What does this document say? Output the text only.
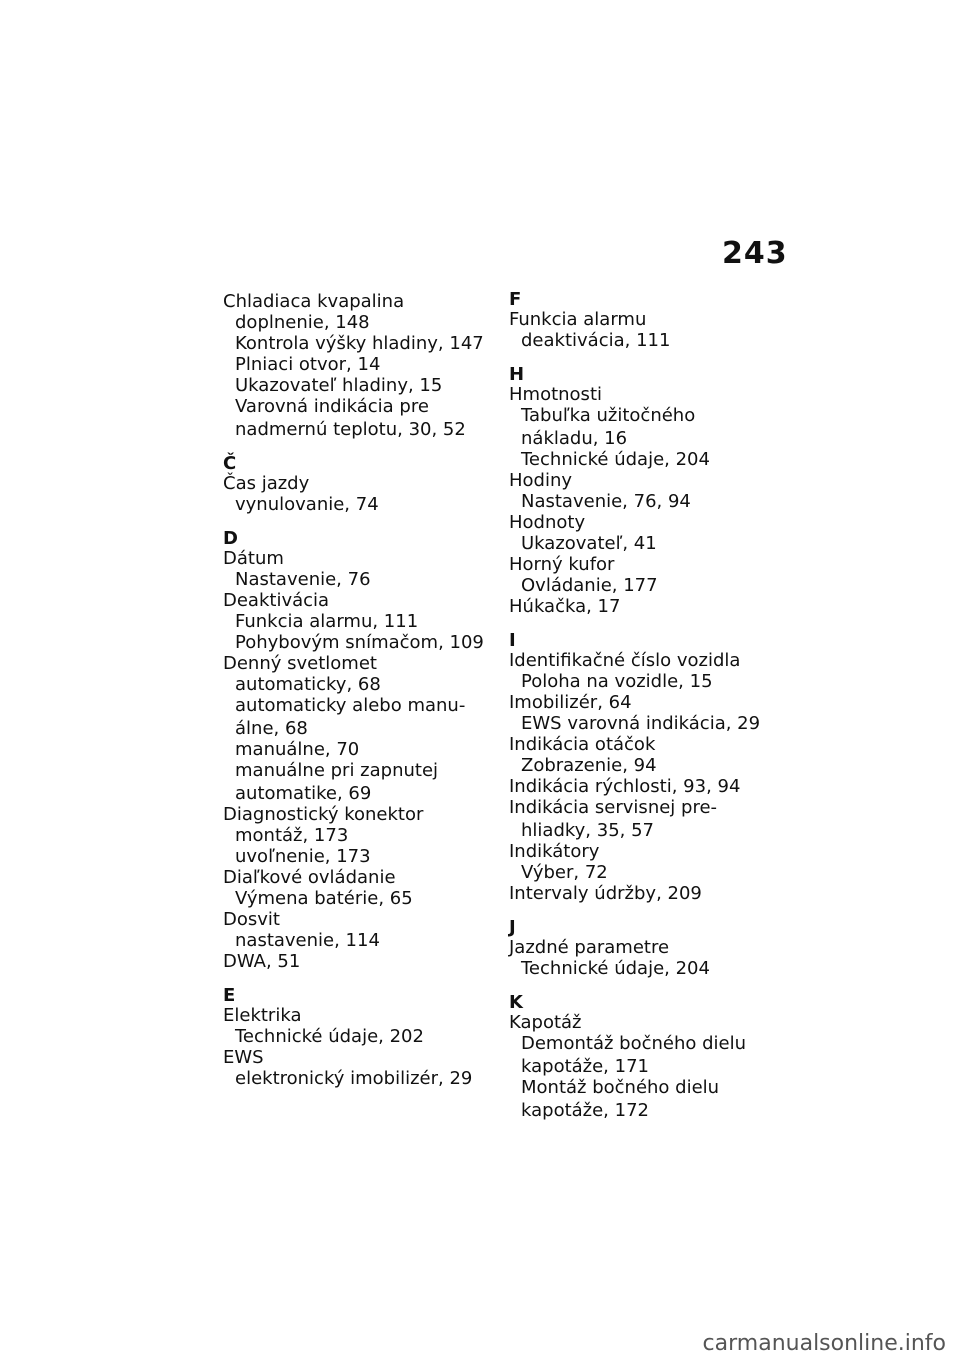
243
Chladiaca kvapalina
doplnenie, 148
Kontrola výšky hladiny, 147
Plniaci otvor, 14
Ukazovateľ hladiny, 15
Varovná indikácia pre
nadmernú teplotu, 30, 52
Č
Čas jazdy
vynulovanie, 74
D
Dátum
Nastavenie, 76
Deaktivácia
Funkcia alarmu, 111
Pohybovým snímačom, 109
Denný svetlomet
automaticky, 68
automaticky alebo manu-
álne, 68
manuálne, 70
manuálne pri zapnutej
automatike, 69
Diagnostický konektor
montáž, 173
uvoľnenie, 173
Diaľkové ovládanie
Výmena batérie, 65
Dosvit
nastavenie, 114
DWA, 51
E
Elektrika
Technické údaje, 202
EWS
elektronický imobilizér, 29
F
Funkcia alarmu
deaktivácia, 111
H
Hmotnosti
Tabuľka užitočného
nákladu, 16
Technické údaje, 204
Hodiny
Nastavenie, 76, 94
Hodnoty
Ukazovateľ, 41
Horný kufor
Ovládanie, 177
Húkačka, 17
I
Identifikačné číslo vozidla
Poloha na vozidle, 15
Imobilizér, 64
EWS varovná indikácia, 29
Indikácia otáčok
Zobrazenie, 94
Indikácia rýchlosti, 93, 94
Indikácia servisnej pre-
hliadky, 35, 57
Indikátory
Výber, 72
Intervaly údržby, 209
J
Jazdné parametre
Technické údaje, 204
K
Kapotáž
Demontáž bočného dielu
kapotáže, 171
Montáž bočného dielu
kapotáže, 172
carmanualsonline.info
